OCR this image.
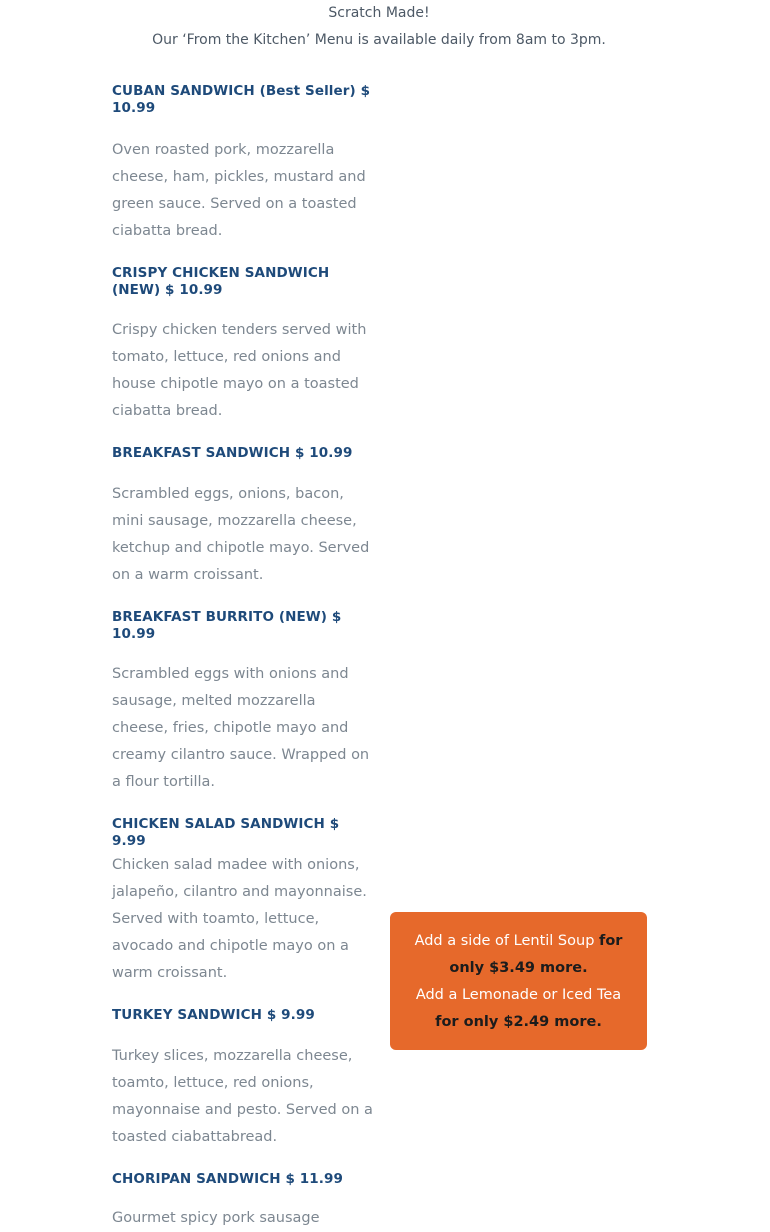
Scratch Made!
Our ‘From the Kitchen’ Menu is available daily from 8am to 3pm.
CUBAN SANDWICH (Best Seller) $ 10.99
Oven roasted pork, mozzarella cheese, ham, pickles, mustard and green sauce. Served on a toasted ciabatta bread.
CRISPY CHICKEN SANDWICH (NEW) $ 10.99
Crispy chicken tenders served with tomato, lettuce, red onions and house chipotle mayo on a toasted ciabatta bread.
BREAKFAST SANDWICH $ 10.99
Scrambled eggs, onions, bacon, mini sausage, mozzarella cheese, ketchup and chipotle mayo. Served on a warm croissant.
BREAKFAST BURRITO (NEW) $ 10.99
Scrambled eggs with onions and sausage, melted mozzarella cheese, fries, chipotle mayo and creamy cilantro sauce. Wrapped on a flour tortilla.
CHICKEN SALAD SANDWICH $ 9.99
Chicken salad madee with onions, jalapeño, cilantro and mayonnaise. Served with toamto, lettuce, avocado and chipotle mayo on a warm croissant.
TURKEY SANDWICH $ 9.99
Turkey slices, mozzarella cheese, toamto, lettuce, red onions, mayonnaise and pesto. Served on a toasted ciabattabread.
CHORIPAN SANDWICH $ 11.99
Gourmet spicy pork sausage
Add a side of Lentil Soup for only $3.49 more.
Add a Lemonade or Iced Tea for only $2.49 more.
